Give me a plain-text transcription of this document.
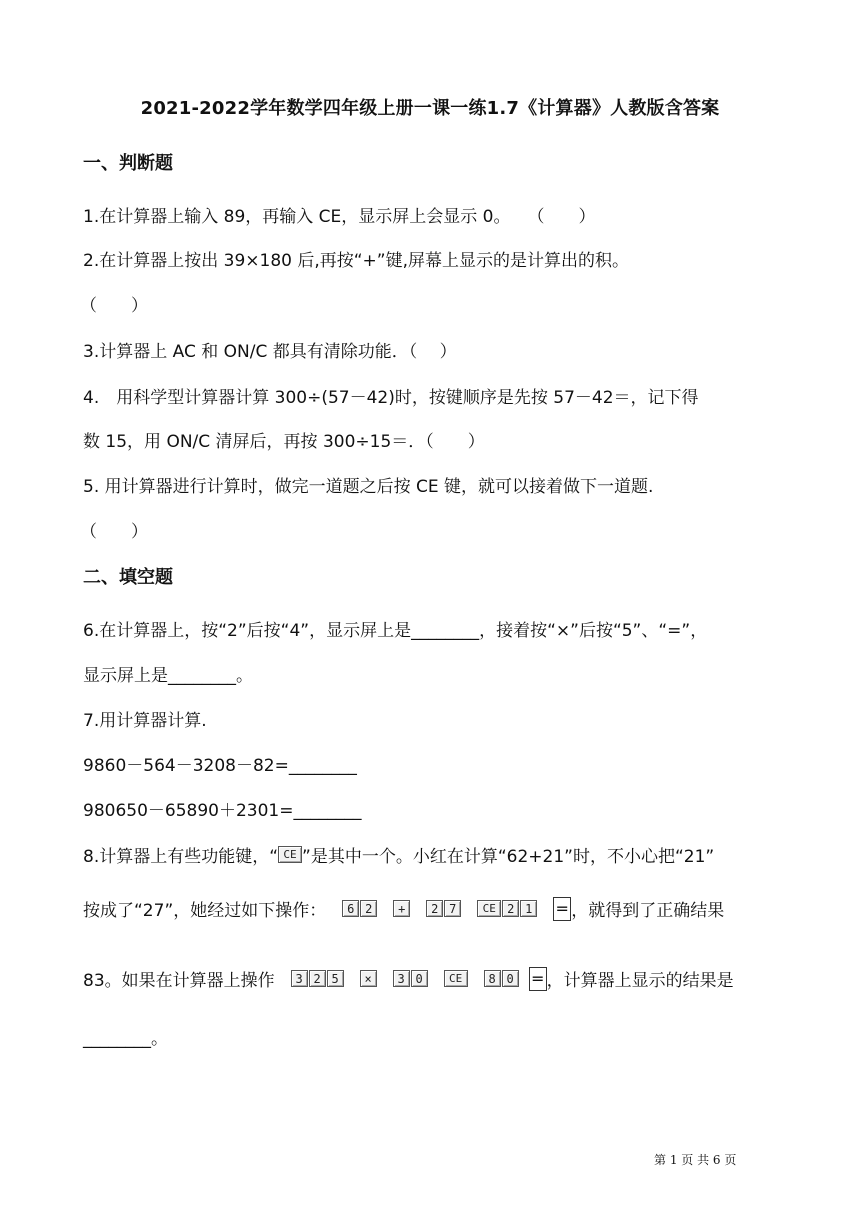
2021-2022学年数学四年级上册一课一练1.7《计算器》人教版含答案
一、判断题
1.在计算器上输入 89，再输入 CE，显示屏上会显示 0。　　（　　）
2.在计算器上按出 39×180 后,再按“+”键,屏幕上显示的是计算出的积。
（　　）
3.计算器上 AC 和 ON/C 都具有清除功能．（　 ）
4.　用科学型计算器计算 300÷(57－42)时，按键顺序是先按 57－42＝，记下得
数 15，用 ON/C 清屏后，再按 300÷15＝．（　　）
5. 用计算器进行计算时，做完一道题之后按 CE 键，就可以接着做下一道题.
（　　）
二、填空题
6.在计算器上，按“2”后按“4”，显示屏上是________，接着按“×”后按“5”、“=”，
显示屏上是________。
7.用计算器计算.
9860－564－3208－82=________
980650－65890＋2301=________
8.计算器上有些功能键，“ CE ”是其中一个。小红在计算“62+21”时，不小心把“21”
按成了“27”，她经过如下操作：	6 2	+	2 7	CE 2 1	= ，就得到了正确结果
83。如果在计算器上操作	3 2 5	×	3 0	CE	8 0	= ，计算器上显示的结果是
________。
第 1 页 共 6 页
